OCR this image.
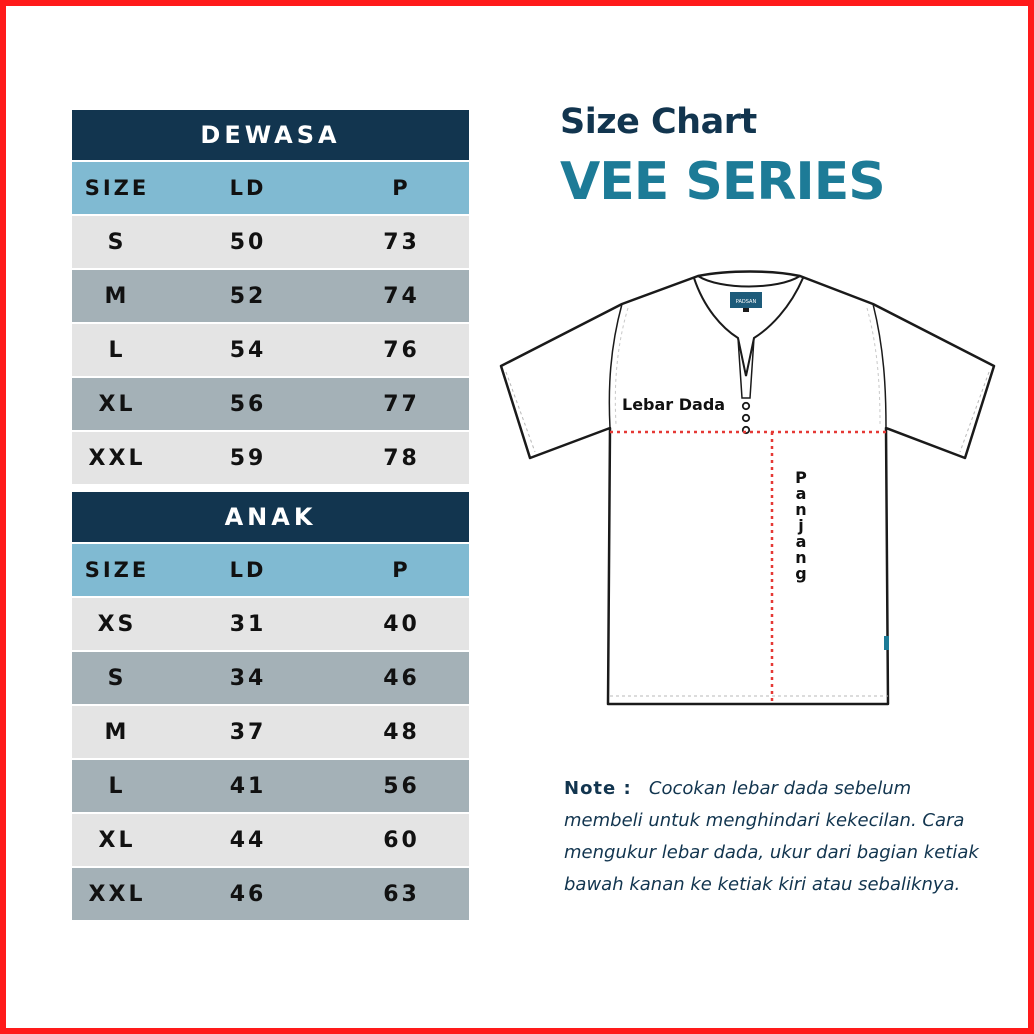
DEWASA
SIZE	LD	P
S	50	73
M	52	74
L	54	76
XL	56	77
XXL	59	78
ANAK
SIZE	LD	P
XS	31	40
S	34	46
M	37	48
L	41	56
XL	44	60
XXL	46	63
Size Chart
VEE SERIES
PADSAN
Lebar Dada
P
a
n
j
a
n
g
Note : Cocokan lebar dada sebelum membeli untuk menghindari kekecilan. Cara mengukur lebar dada, ukur dari bagian ketiak bawah kanan ke ketiak kiri atau sebaliknya.
